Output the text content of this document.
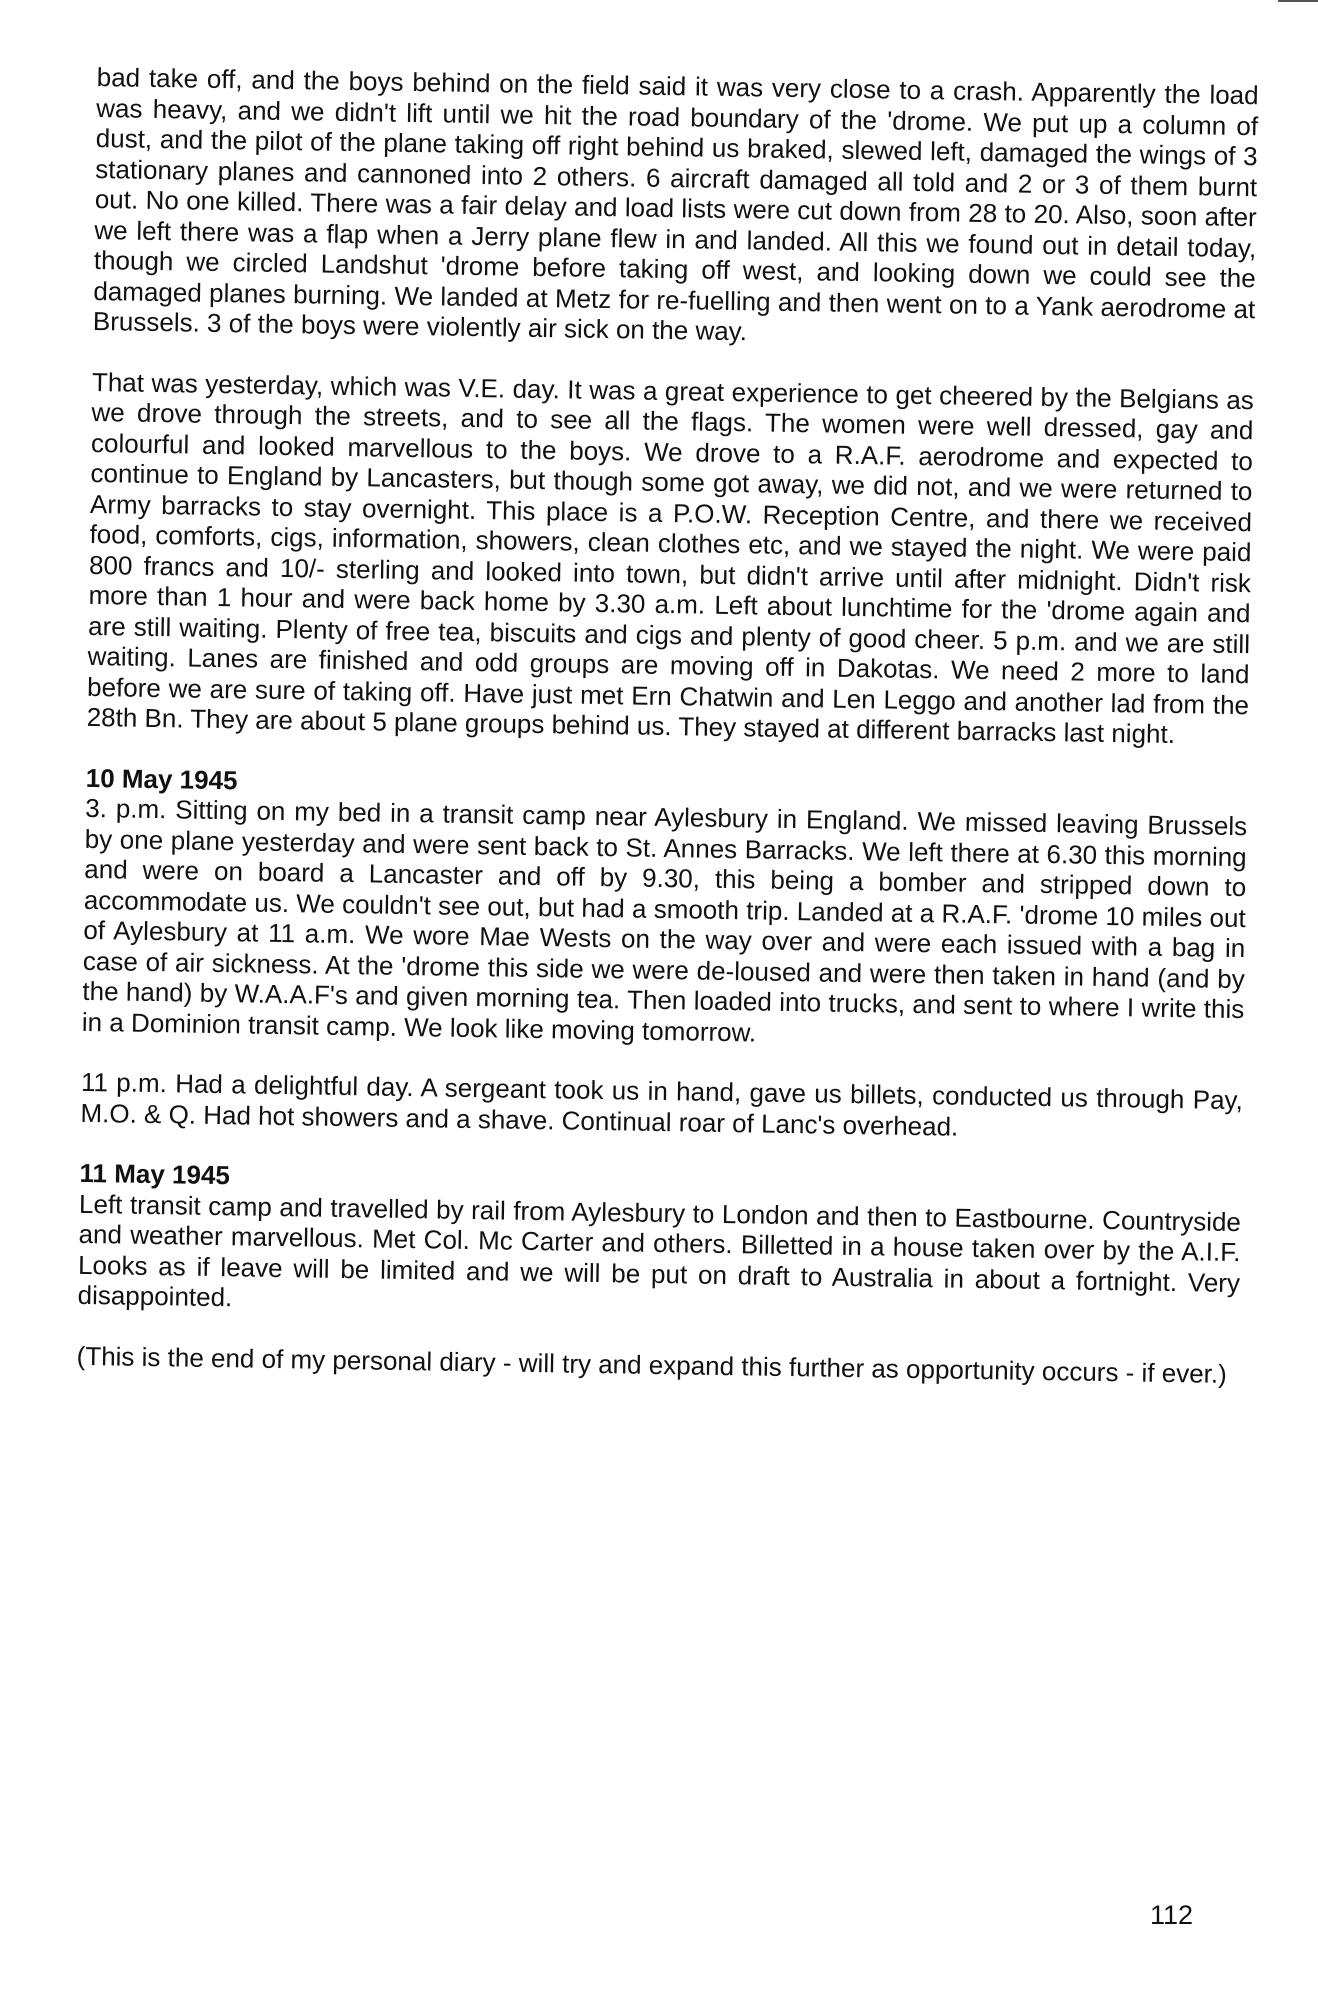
bad take off, and the boys behind on the field said it was very close to a crash. Apparently the load was heavy, and we didn't lift until we hit the road boundary of the 'drome. We put up a column of dust, and the pilot of the plane taking off right behind us braked, slewed left, damaged the wings of 3 stationary planes and cannoned into 2 others. 6 aircraft damaged all told and 2 or 3 of them burnt out. No one killed. There was a fair delay and load lists were cut down from 28 to 20. Also, soon after we left there was a flap when a Jerry plane flew in and landed. All this we found out in detail today, though we circled Landshut 'drome before taking off west, and looking down we could see the damaged planes burning. We landed at Metz for re-fuelling and then went on to a Yank aerodrome at Brussels. 3 of the boys were violently air sick on the way.

That was yesterday, which was V.E. day. It was a great experience to get cheered by the Belgians as we drove through the streets, and to see all the flags. The women were well dressed, gay and colourful and looked marvellous to the boys. We drove to a R.A.F. aerodrome and expected to continue to England by Lancasters, but though some got away, we did not, and we were returned to Army barracks to stay overnight. This place is a P.O.W. Reception Centre, and there we received food, comforts, cigs, information, showers, clean clothes etc, and we stayed the night. We were paid 800 francs and 10/- sterling and looked into town, but didn't arrive until after midnight. Didn't risk more than 1 hour and were back home by 3.30 a.m. Left about lunchtime for the 'drome again and are still waiting. Plenty of free tea, biscuits and cigs and plenty of good cheer. 5 p.m. and we are still waiting. Lanes are finished and odd groups are moving off in Dakotas. We need 2 more to land before we are sure of taking off. Have just met Ern Chatwin and Len Leggo and another lad from the 28th Bn. They are about 5 plane groups behind us. They stayed at different barracks last night.

10 May 1945

3. p.m. Sitting on my bed in a transit camp near Aylesbury in England. We missed leaving Brussels by one plane yesterday and were sent back to St. Annes Barracks. We left there at 6.30 this morning and were on board a Lancaster and off by 9.30, this being a bomber and stripped down to accommodate us. We couldn't see out, but had a smooth trip. Landed at a R.A.F. 'drome 10 miles out of Aylesbury at 11 a.m. We wore Mae Wests on the way over and were each issued with a bag in case of air sickness. At the 'drome this side we were de-loused and were then taken in hand (and by the hand) by W.A.A.F's and given morning tea. Then loaded into trucks, and sent to where I write this in a Dominion transit camp. We look like moving tomorrow.

11 p.m. Had a delightful day. A sergeant took us in hand, gave us billets, conducted us through Pay, M.O. & Q. Had hot showers and a shave. Continual roar of Lanc's overhead.

11 May 1945

Left transit camp and travelled by rail from Aylesbury to London and then to Eastbourne. Countryside and weather marvellous. Met Col. Mc Carter and others. Billetted in a house taken over by the A.I.F. Looks as if leave will be limited and we will be put on draft to Australia in about a fortnight. Very disappointed.

(This is the end of my personal diary - will try and expand this further as opportunity occurs - if ever.)

112
